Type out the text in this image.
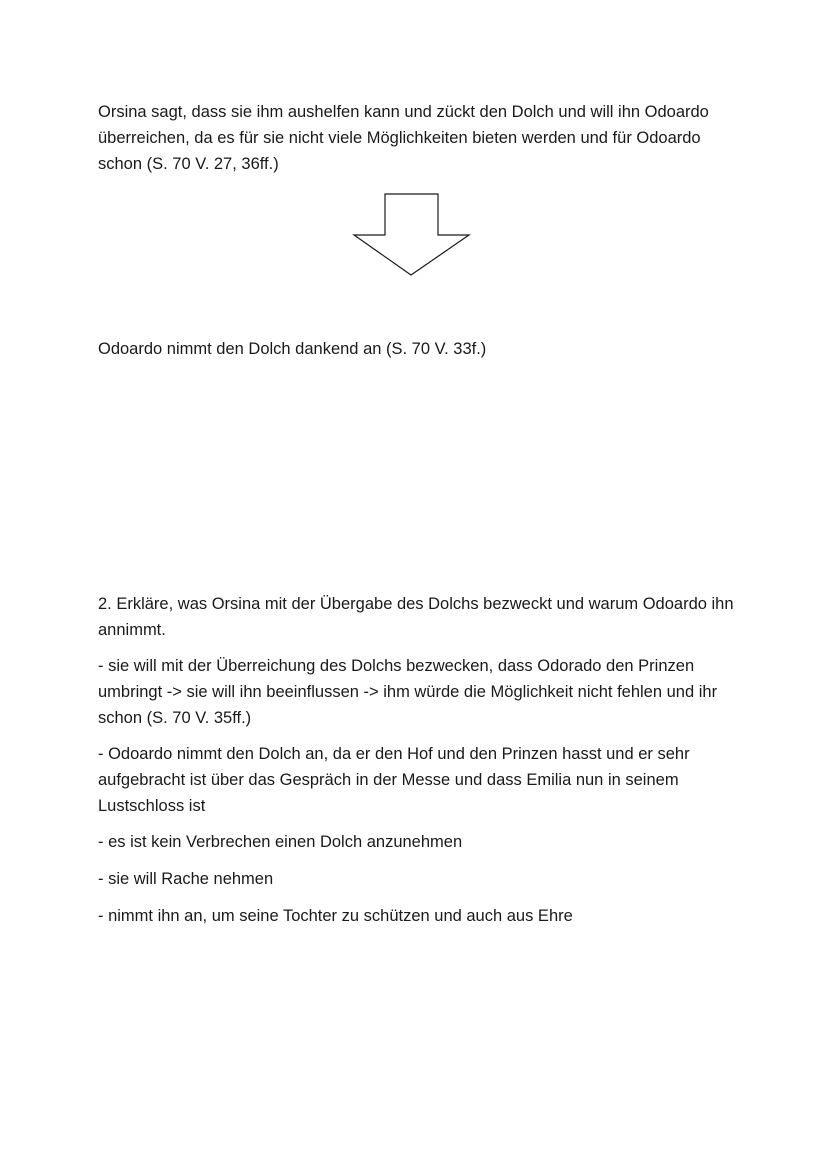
Orsina sagt, dass sie ihm aushelfen kann und zückt den Dolch und will ihn Odoardo überreichen, da es für sie nicht viele Möglichkeiten bieten werden und für Odoardo schon (S. 70 V. 27, 36ff.)

Odoardo nimmt den Dolch dankend an (S. 70 V. 33f.)

2. Erkläre, was Orsina mit der Übergabe des Dolchs bezweckt und warum Odoardo ihn annimmt.

- sie will mit der Überreichung des Dolchs bezwecken, dass Odorado den Prinzen umbringt -> sie will ihn beeinflussen -> ihm würde die Möglichkeit nicht fehlen und ihr schon (S. 70 V. 35ff.)

- Odoardo nimmt den Dolch an, da er den Hof und den Prinzen hasst und er sehr aufgebracht ist über das Gespräch in der Messe und dass Emilia nun in seinem Lustschloss ist

- es ist kein Verbrechen einen Dolch anzunehmen

- sie will Rache nehmen

- nimmt ihn an, um seine Tochter zu schützen und auch aus Ehre
